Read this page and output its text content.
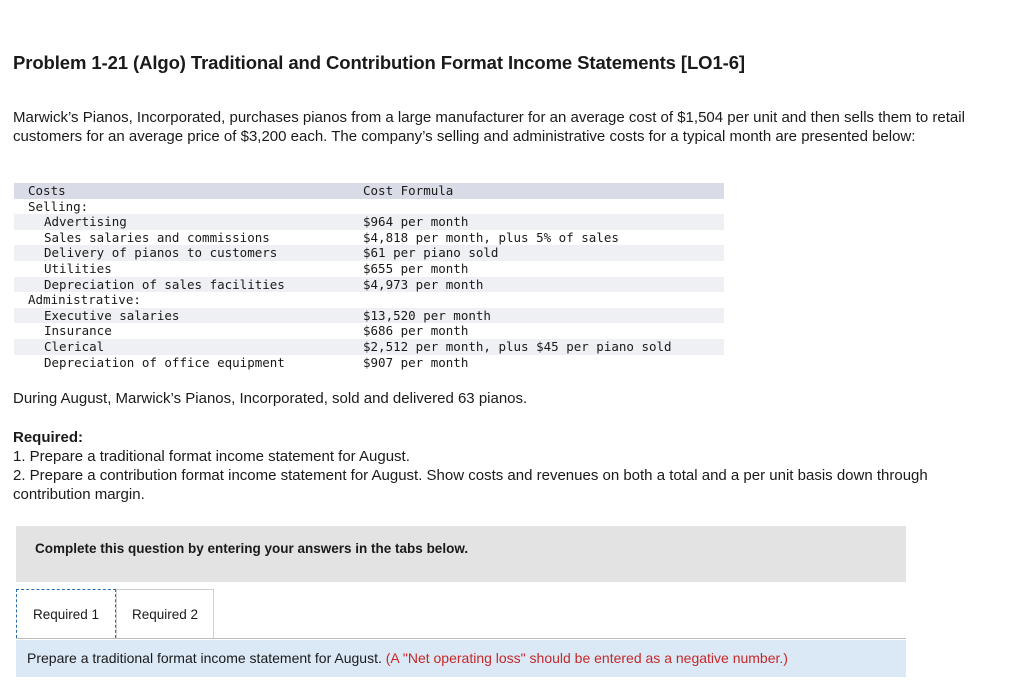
Problem 1-21 (Algo) Traditional and Contribution Format Income Statements [LO1-6]

Marwick’s Pianos, Incorporated, purchases pianos from a large manufacturer for an average cost of $1,504 per unit and then sells them to retail customers for an average price of $3,200 each. The company’s selling and administrative costs for a typical month are presented below:

Costs	Cost Formula
Selling:	
Advertising	$964 per month
Sales salaries and commissions	$4,818 per month, plus 5% of sales
Delivery of pianos to customers	$61 per piano sold
Utilities	$655 per month
Depreciation of sales facilities	$4,973 per month
Administrative:	
Executive salaries	$13,520 per month
Insurance	$686 per month
Clerical	$2,512 per month, plus $45 per piano sold
Depreciation of office equipment	$907 per month

During August, Marwick’s Pianos, Incorporated, sold and delivered 63 pianos.

Required:
1. Prepare a traditional format income statement for August.
2. Prepare a contribution format income statement for August. Show costs and revenues on both a total and a per unit basis down through contribution margin.
Complete this question by entering your answers in the tabs below.
Required 1	Required 2
Prepare a traditional format income statement for August. (A "Net operating loss" should be entered as a negative number.)
